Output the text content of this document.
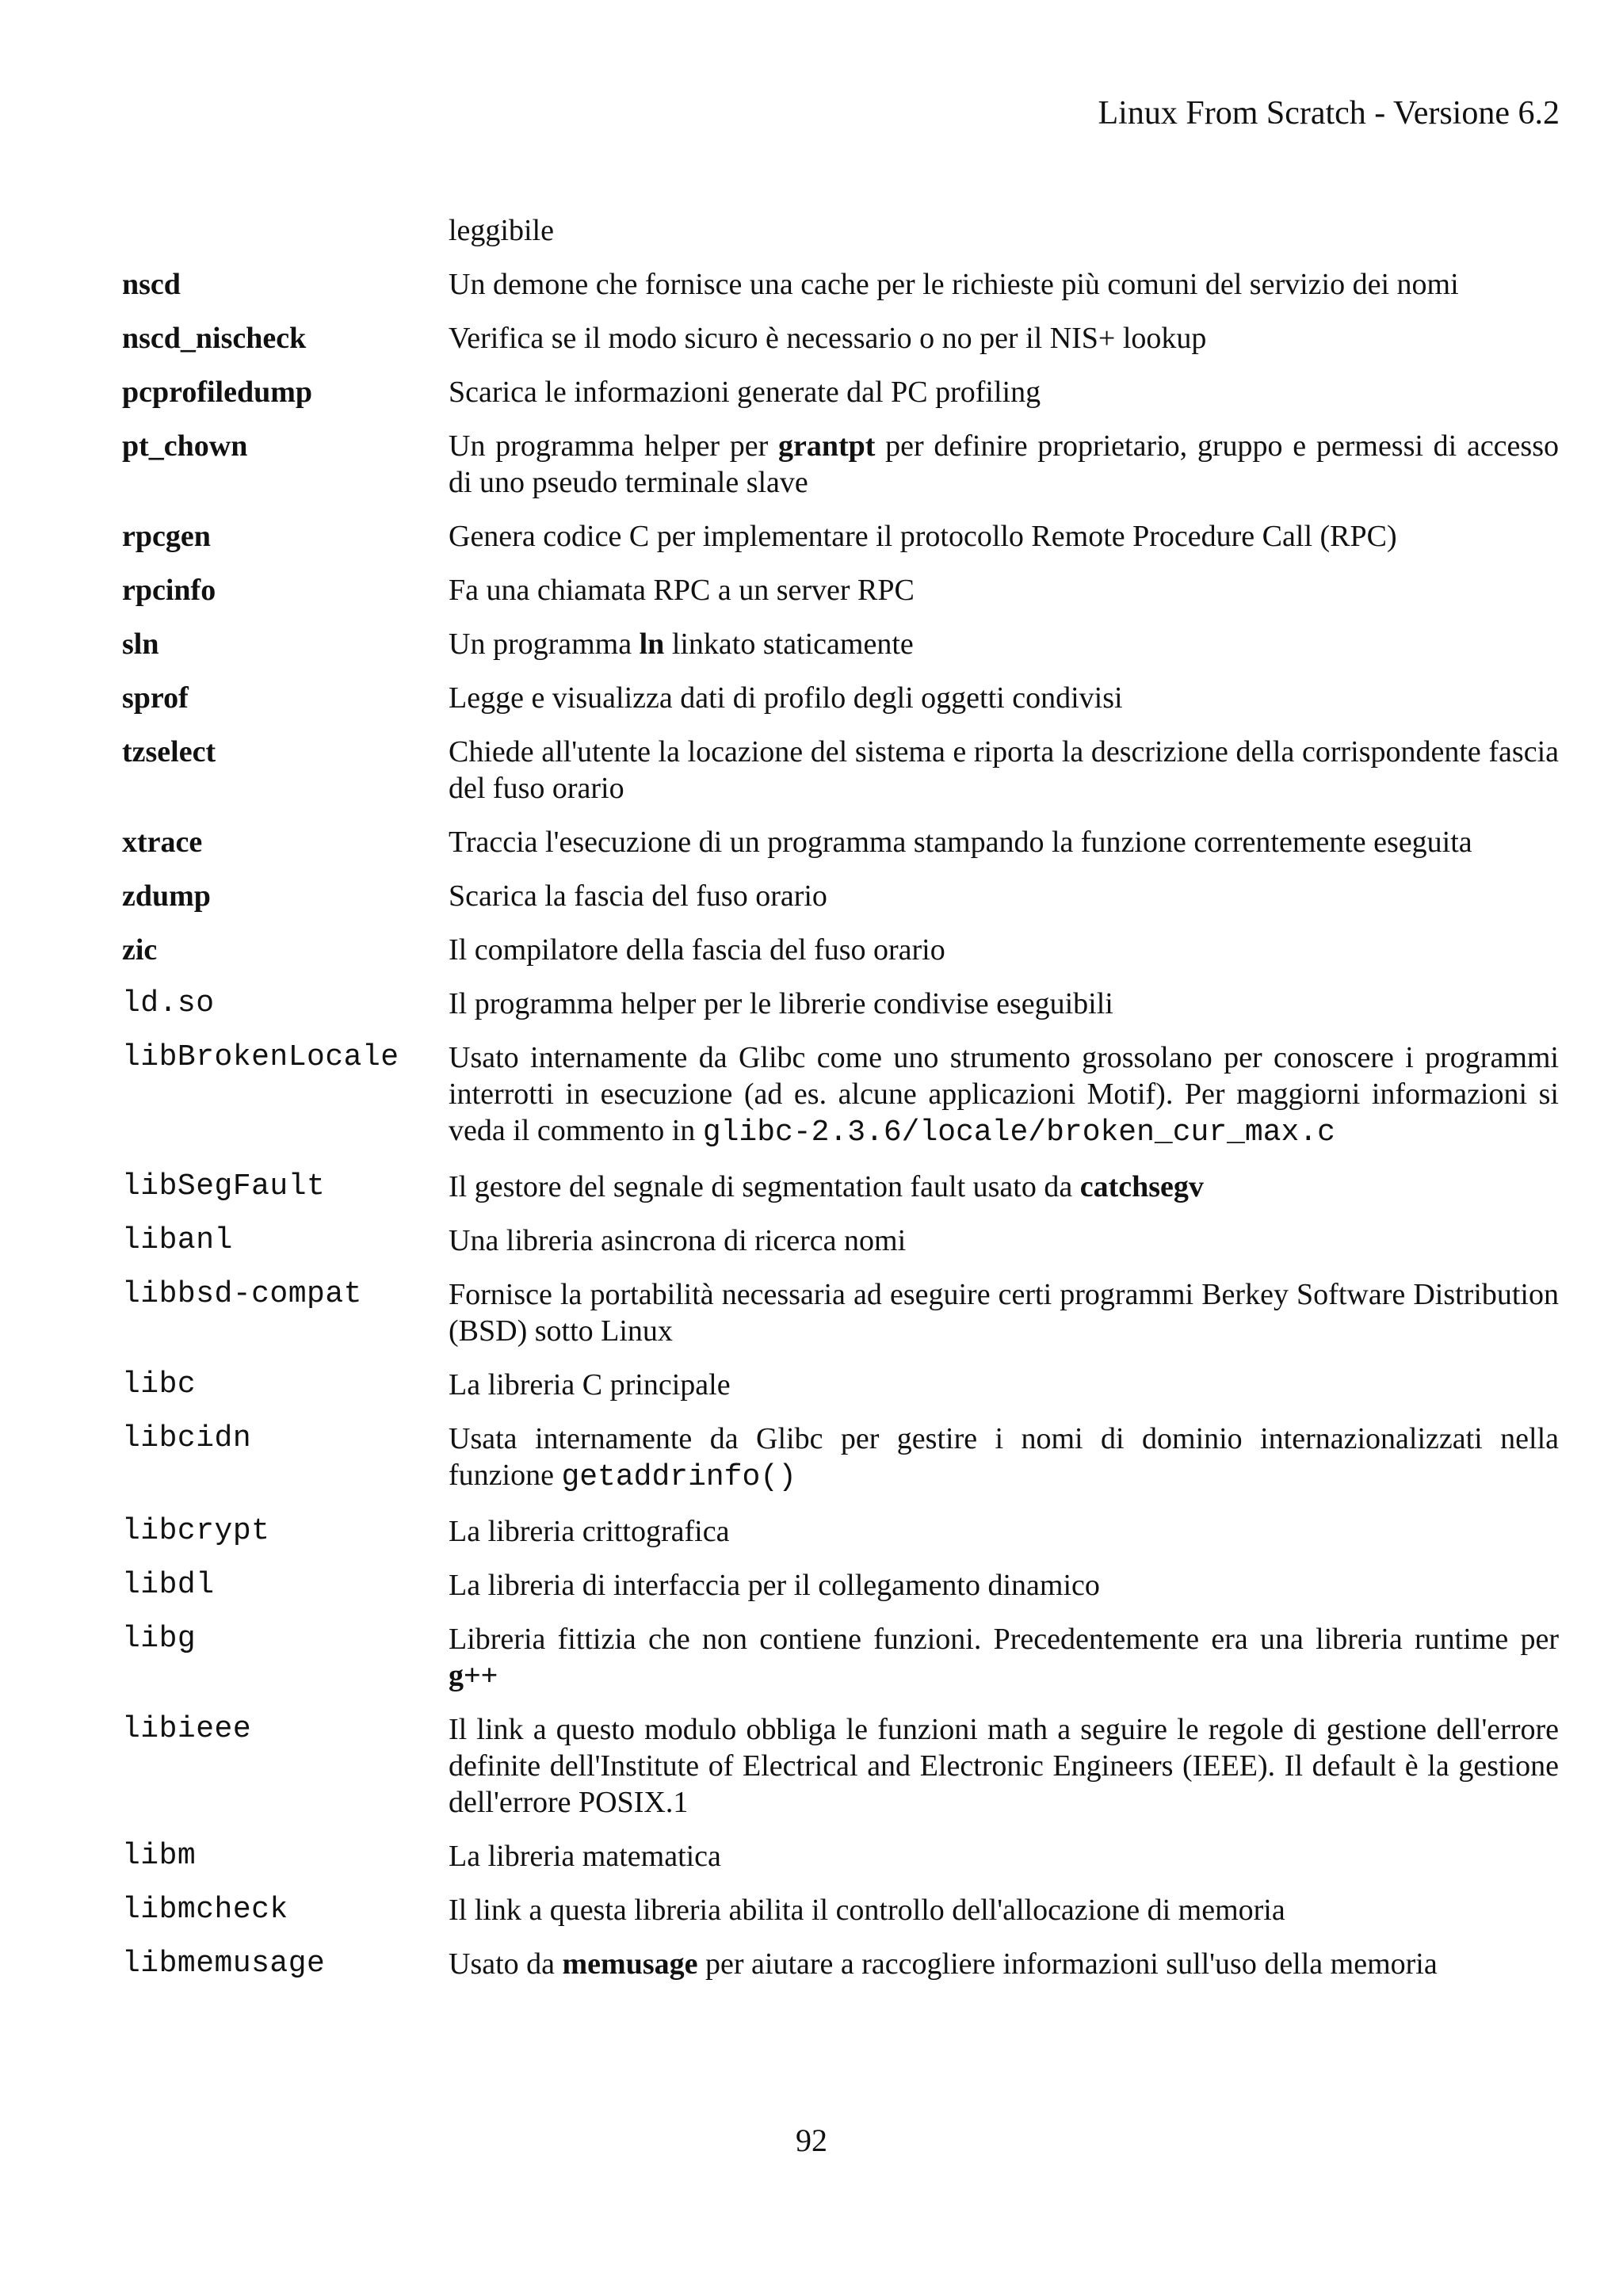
Linux From Scratch - Versione 6.2
leggibile
nscd	Un demone che fornisce una cache per le richieste più comuni del servizio dei nomi
nscd_nischeck	Verifica se il modo sicuro è necessario o no per il NIS+ lookup
pcprofiledump	Scarica le informazioni generate dal PC profiling
pt_chown	Un programma helper per grantpt per definire proprietario, gruppo e permessi di accesso di uno pseudo terminale slave
rpcgen	Genera codice C per implementare il protocollo Remote Procedure Call (RPC)
rpcinfo	Fa una chiamata RPC a un server RPC
sln	Un programma ln linkato staticamente
sprof	Legge e visualizza dati di profilo degli oggetti condivisi
tzselect	Chiede all'utente la locazione del sistema e riporta la descrizione della corrispondente fascia del fuso orario
xtrace	Traccia l'esecuzione di un programma stampando la funzione correntemente eseguita
zdump	Scarica la fascia del fuso orario
zic	Il compilatore della fascia del fuso orario
ld.so	Il programma helper per le librerie condivise eseguibili
libBrokenLocale	Usato internamente da Glibc come uno strumento grossolano per conoscere i programmi interrotti in esecuzione (ad es. alcune applicazioni Motif). Per maggiorni informazioni si veda il commento in glibc-2.3.6/locale/broken_cur_max.c
libSegFault	Il gestore del segnale di segmentation fault usato da catchsegv
libanl	Una libreria asincrona di ricerca nomi
libbsd-compat	Fornisce la portabilità necessaria ad eseguire certi programmi Berkey Software Distribution (BSD) sotto Linux
libc	La libreria C principale
libcidn	Usata internamente da Glibc per gestire i nomi di dominio internazionalizzati nella funzione getaddrinfo()
libcrypt	La libreria crittografica
libdl	La libreria di interfaccia per il collegamento dinamico
libg	Libreria fittizia che non contiene funzioni. Precedentemente era una libreria runtime per g++
libieee	Il link a questo modulo obbliga le funzioni math a seguire le regole di gestione dell'errore definite dell'Institute of Electrical and Electronic Engineers (IEEE). Il default è la gestione dell'errore POSIX.1
libm	La libreria matematica
libmcheck	Il link a questa libreria abilita il controllo dell'allocazione di memoria
libmemusage	Usato da memusage per aiutare a raccogliere informazioni sull'uso della memoria
92
